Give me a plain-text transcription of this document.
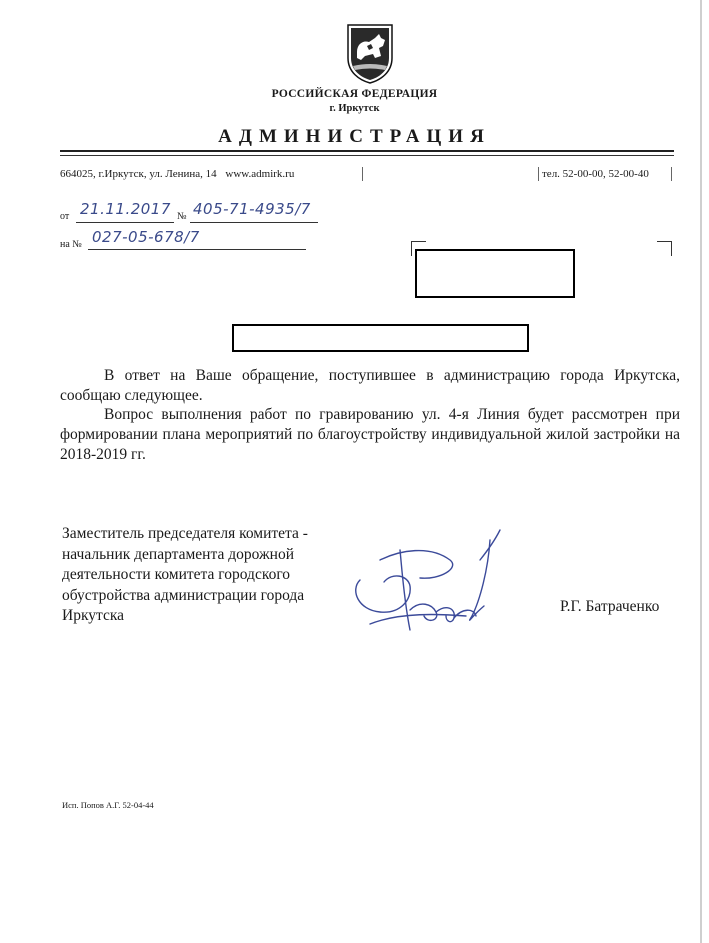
РОССИЙСКАЯ ФЕДЕРАЦИЯ
г. Иркутск
АДМИНИСТРАЦИЯ
664025, г.Иркутск, ул. Ленина, 14 www.admirk.ru	тел. 52-00-00, 52-00-40
от 21.11.2017 № 405-71-4935/7
на № 027-05-678/7
В ответ на Ваше обращение, поступившее в администрацию города Иркутска, сообщаю следующее.
Вопрос выполнения работ по гравированию ул. 4-я Линия будет рассмотрен при формировании плана мероприятий по благоустройству индивидуальной жилой застройки на 2018-2019 гг.
Заместитель председателя комитета -
начальник департамента дорожной
деятельности комитета городского
обустройства администрации города
Иркутска
Р.Г. Батраченко
Исп. Попов А.Г. 52-04-44
